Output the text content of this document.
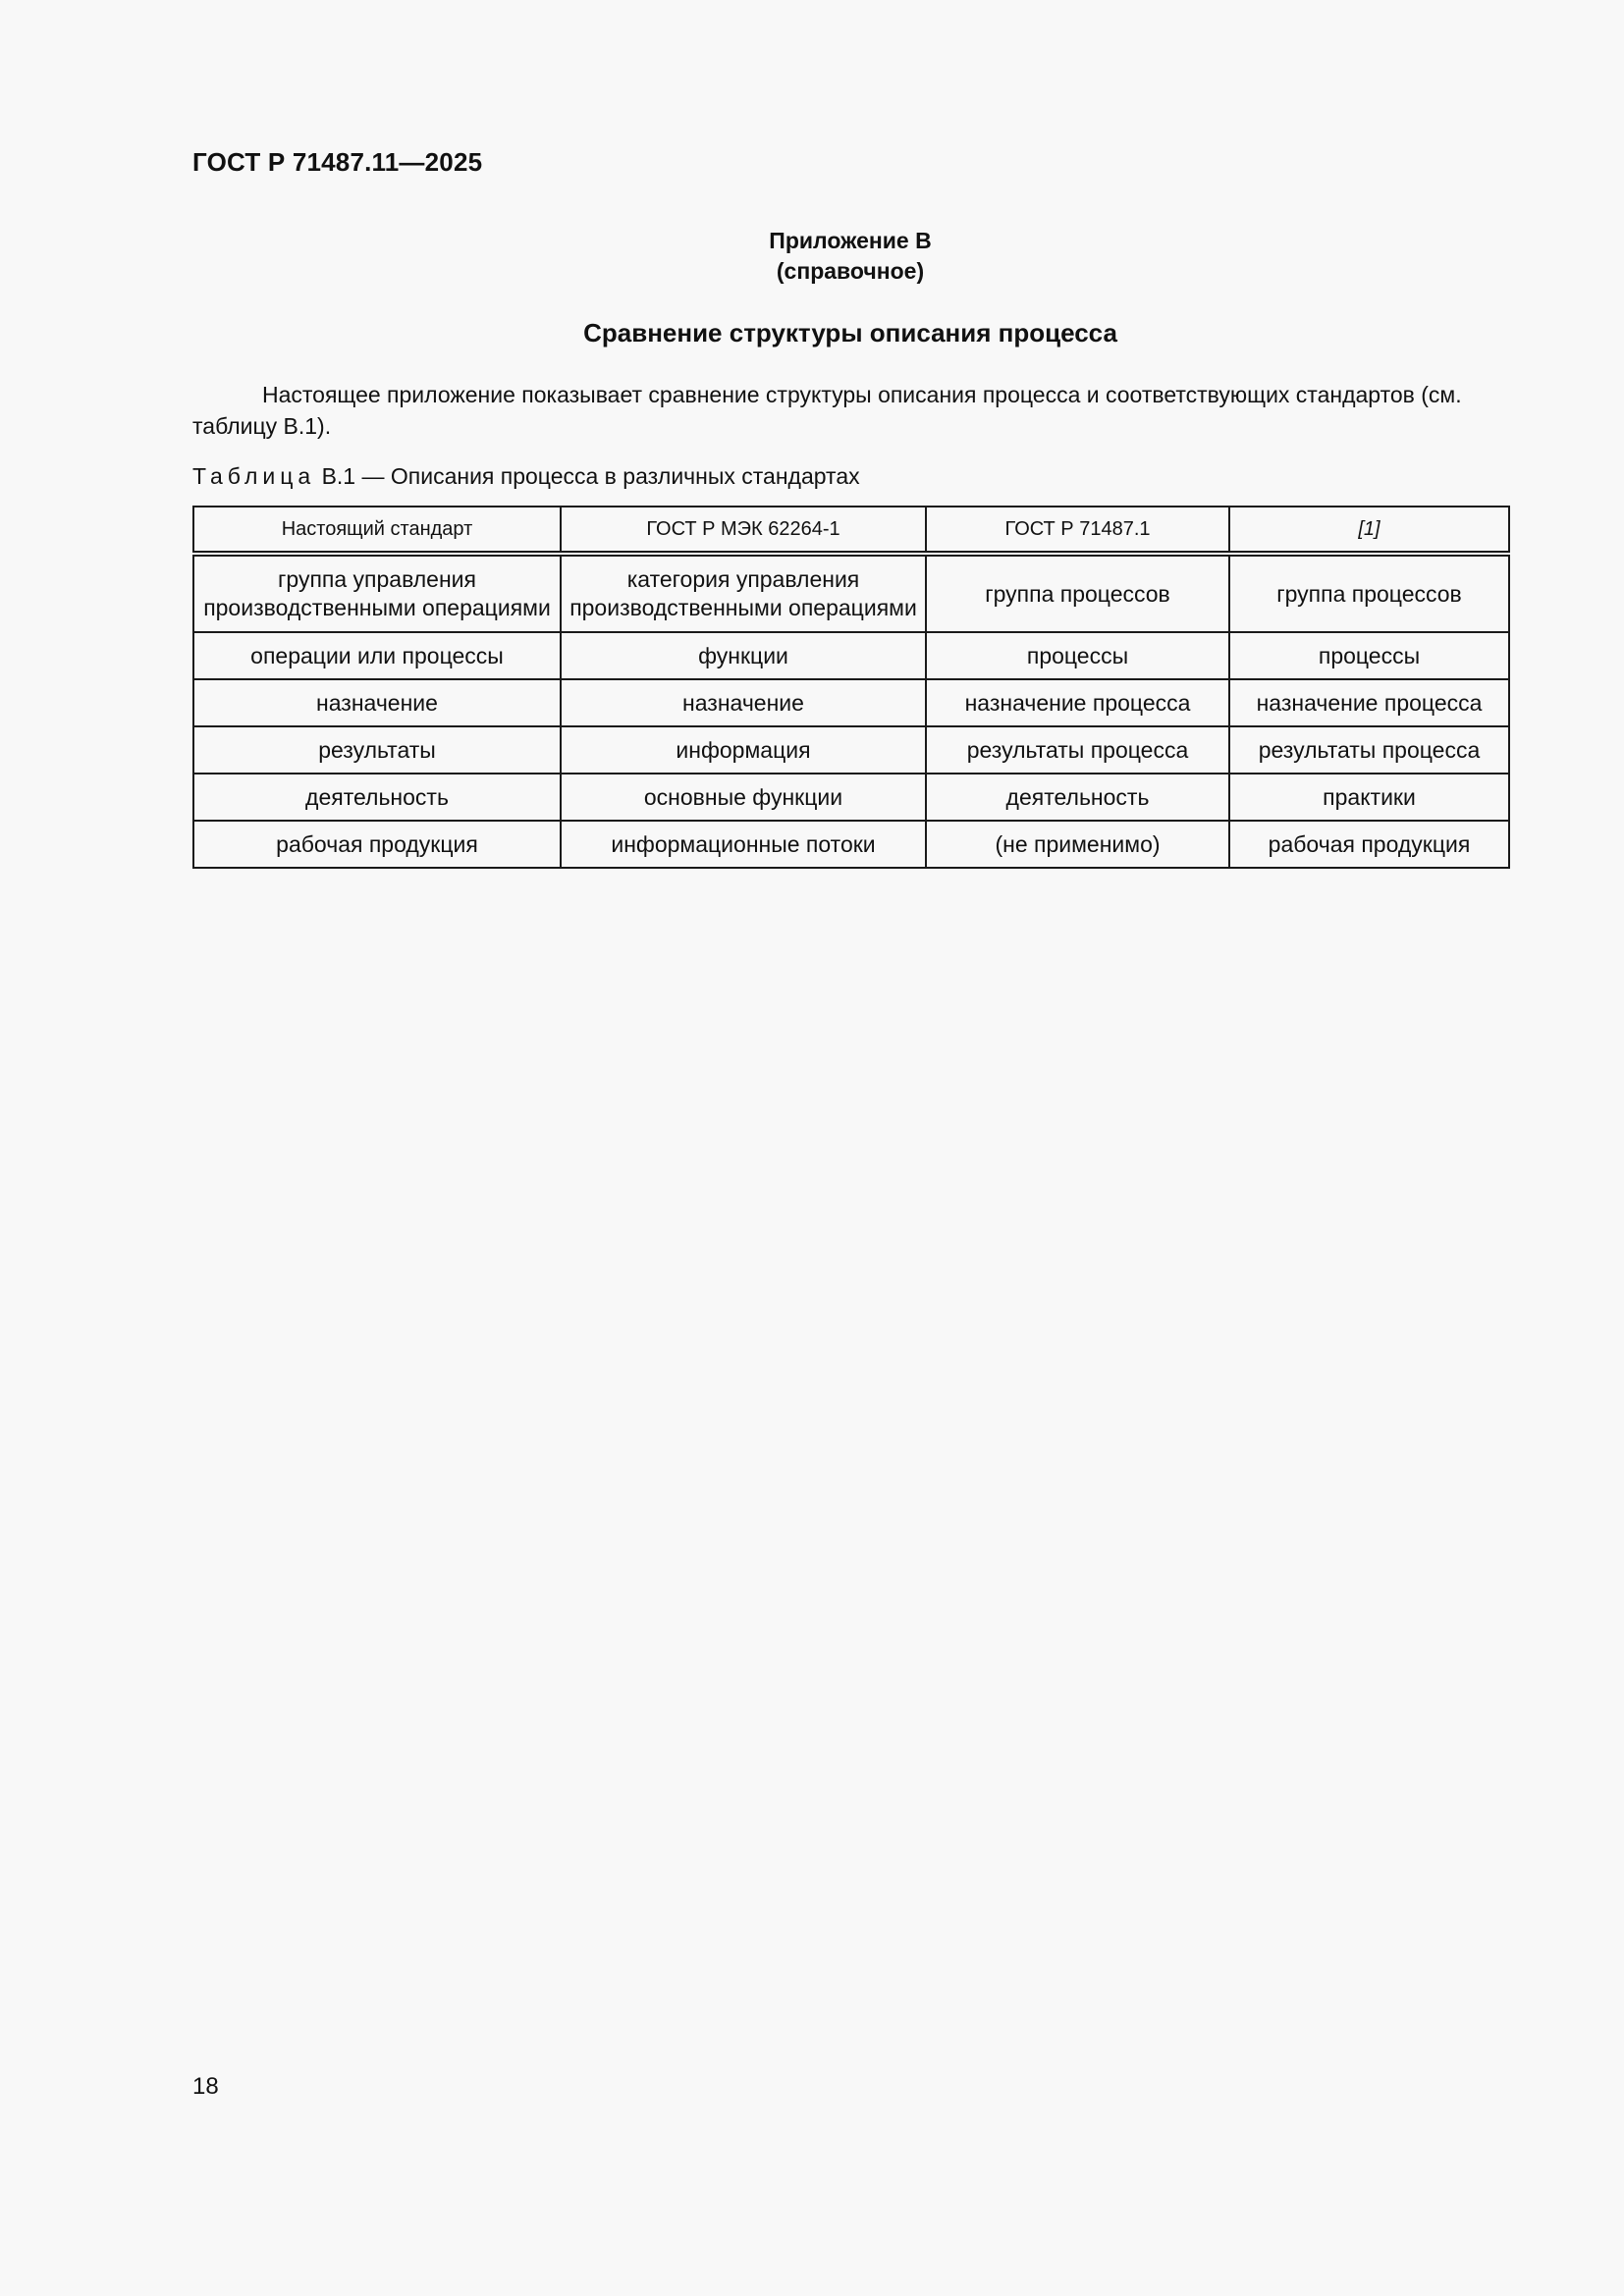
ГОСТ Р 71487.11—2025
Приложение В
(справочное)
Сравнение структуры описания процесса

Настоящее приложение показывает сравнение структуры описания процесса и соответствующих стандартов (см. таблицу В.1).

Таблица В.1 — Описания процесса в различных стандартах
Настоящий стандарт	ГОСТ Р МЭК 62264-1	ГОСТ Р 71487.1	[1]
группа управления производственными операциями	категория управления производственными операциями	группа процессов	группа процессов
операции или процессы	функции	процессы	процессы
назначение	назначение	назначение процесса	назначение процесса
результаты	информация	результаты процесса	результаты процесса
деятельность	основные функции	деятельность	практики
рабочая продукция	информационные потоки	(не применимо)	рабочая продукция
18
